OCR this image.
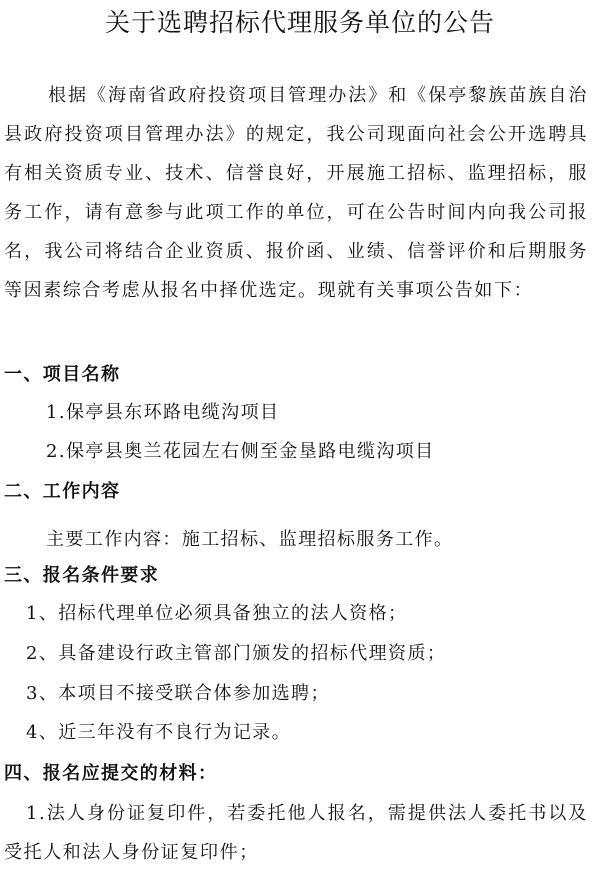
关于选聘招标代理服务单位的公告

根据《海南省政府投资项目管理办法》和《保亭黎族苗族自治县政府投资项目管理办法》的规定，我公司现面向社会公开选聘具有相关资质专业、技术、信誉良好，开展施工招标、监理招标，服务工作，请有意参与此项工作的单位，可在公告时间内向我公司报名，我公司将结合企业资质、报价函、业绩、信誉评价和后期服务等因素综合考虑从报名中择优选定。现就有关事项公告如下：

一、项目名称
1.保亭县东环路电缆沟项目
2.保亭县奥兰花园左右侧至金垦路电缆沟项目
二、工作内容
主要工作内容：施工招标、监理招标服务工作。
三、报名条件要求
1、招标代理单位必须具备独立的法人资格；
2、具备建设行政主管部门颁发的招标代理资质；
3、本项目不接受联合体参加选聘；
4、近三年没有不良行为记录。
四、报名应提交的材料：

1.法人身份证复印件，若委托他人报名，需提供法人委托书以及受托人和法人身份证复印件；
